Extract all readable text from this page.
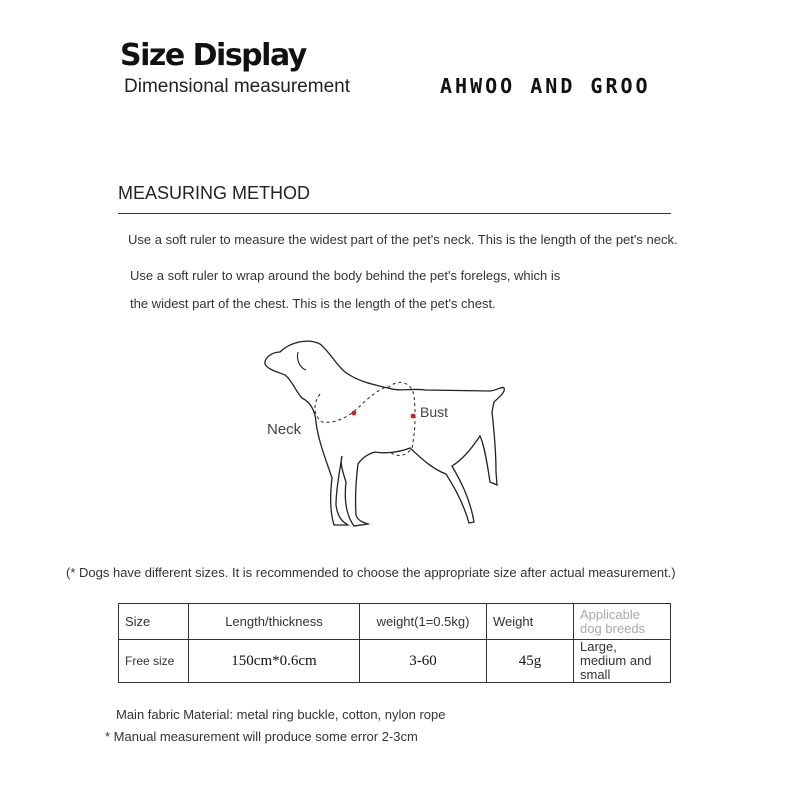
Size Display
Dimensional measurement	AHWOO AND GROO
MEASURING METHOD
Use a soft ruler to measure the widest part of the pet's neck. This is the length of the pet's neck.
Use a soft ruler to wrap around the body behind the pet's forelegs, which is
the widest part of the chest. This is the length of the pet's chest.
Neck
Bust
(* Dogs have different sizes. It is recommended to choose the appropriate size after actual measurement.)
Size	Length/thickness	weight(1=0.5kg)	Weight	Applicable dog breeds
Free size	150cm*0.6cm	3-60	45g	Large, medium and small
Main fabric Material: metal ring buckle, cotton, nylon rope
* Manual measurement will produce some error 2-3cm
